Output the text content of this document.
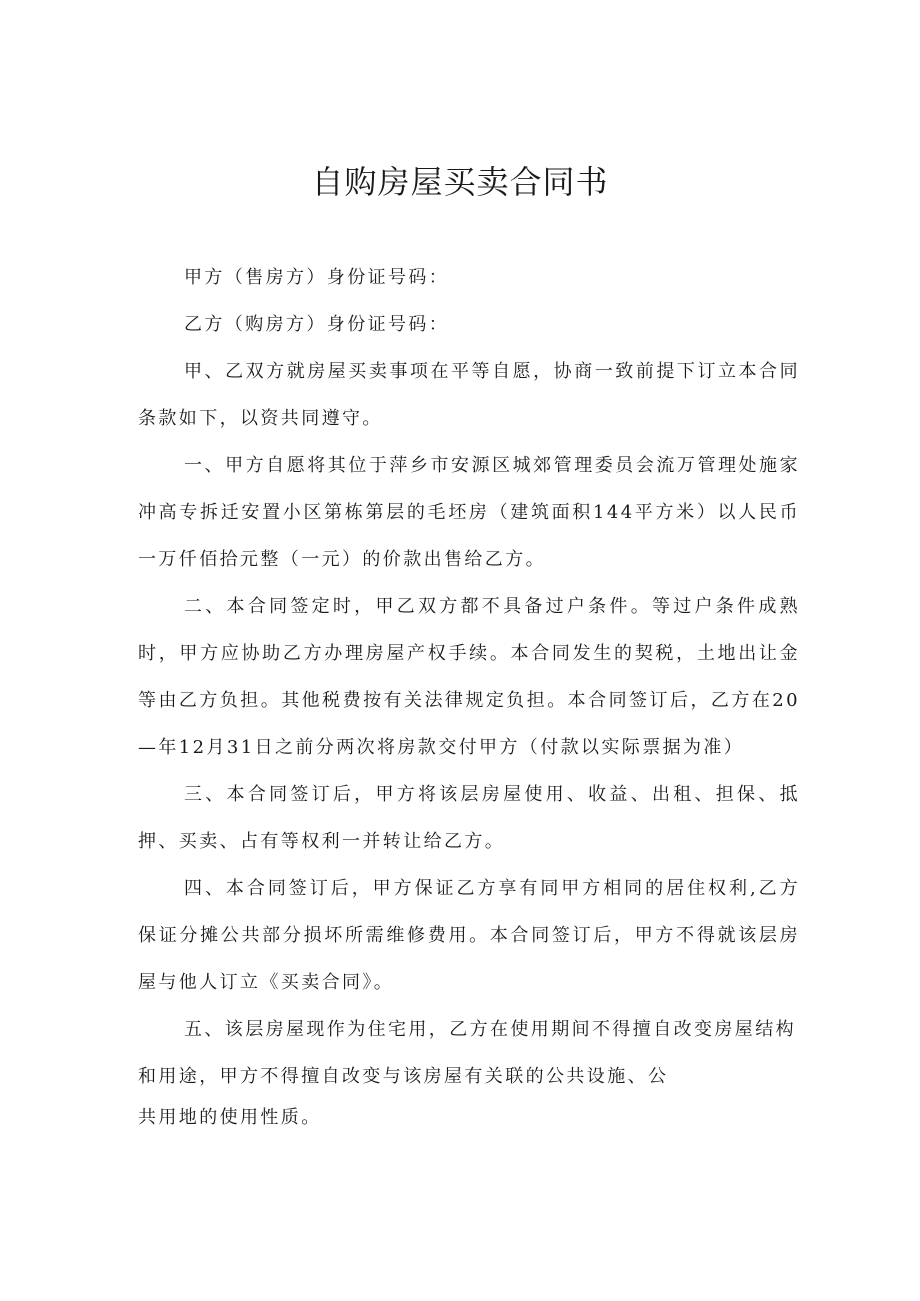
自购房屋买卖合同书

甲方（售房方）身份证号码：

乙方（购房方）身份证号码：

甲、乙双方就房屋买卖事项在平等自愿，协商一致前提下订立本合同条款如下，以资共同遵守。

一、甲方自愿将其位于萍乡市安源区城郊管理委员会流万管理处施家冲高专拆迁安置小区第栋第层的毛坯房（建筑面积144平方米）以人民币一万仟佰拾元整（一元）的价款出售给乙方。

二、本合同签定时，甲乙双方都不具备过户条件。等过户条件成熟时，甲方应协助乙方办理房屋产权手续。本合同发生的契税，土地出让金等由乙方负担。其他税费按有关法律规定负担。本合同签订后，乙方在20—年12月31日之前分两次将房款交付甲方（付款以实际票据为准）

三、本合同签订后，甲方将该层房屋使用、收益、出租、担保、抵押、买卖、占有等权利一并转让给乙方。

四、本合同签订后，甲方保证乙方享有同甲方相同的居住权利,乙方保证分摊公共部分损坏所需维修费用。本合同签订后，甲方不得就该层房屋与他人订立《买卖合同》。

五、该层房屋现作为住宅用，乙方在使用期间不得擅自改变房屋结构
和用途，甲方不得擅自改变与该房屋有关联的公共设施、公
共用地的使用性质。
